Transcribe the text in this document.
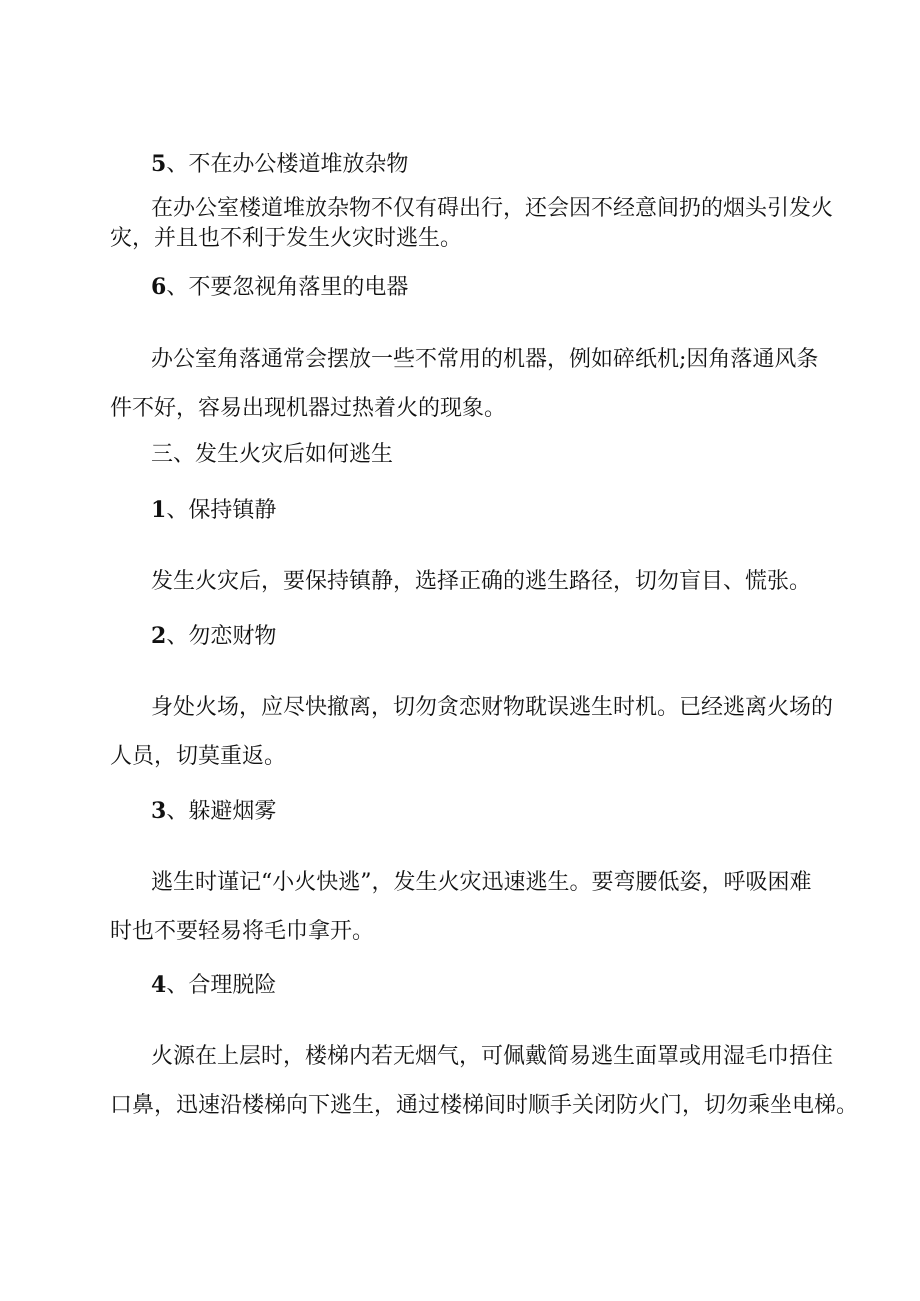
5、不在办公楼道堆放杂物
在办公室楼道堆放杂物不仅有碍出行，还会因不经意间扔的烟头引发火
灾，并且也不利于发生火灾时逃生。
6、不要忽视角落里的电器
办公室角落通常会摆放一些不常用的机器，例如碎纸机;因角落通风条
件不好，容易出现机器过热着火的现象。
三、发生火灾后如何逃生
1、保持镇静
发生火灾后，要保持镇静，选择正确的逃生路径，切勿盲目、慌张。
2、勿恋财物
身处火场，应尽快撤离，切勿贪恋财物耽误逃生时机。已经逃离火场的
人员，切莫重返。
3、躲避烟雾
逃生时谨记“小火快逃”，发生火灾迅速逃生。要弯腰低姿，呼吸困难
时也不要轻易将毛巾拿开。
4、合理脱险
火源在上层时，楼梯内若无烟气，可佩戴简易逃生面罩或用湿毛巾捂住
口鼻，迅速沿楼梯向下逃生，通过楼梯间时顺手关闭防火门，切勿乘坐电梯。
